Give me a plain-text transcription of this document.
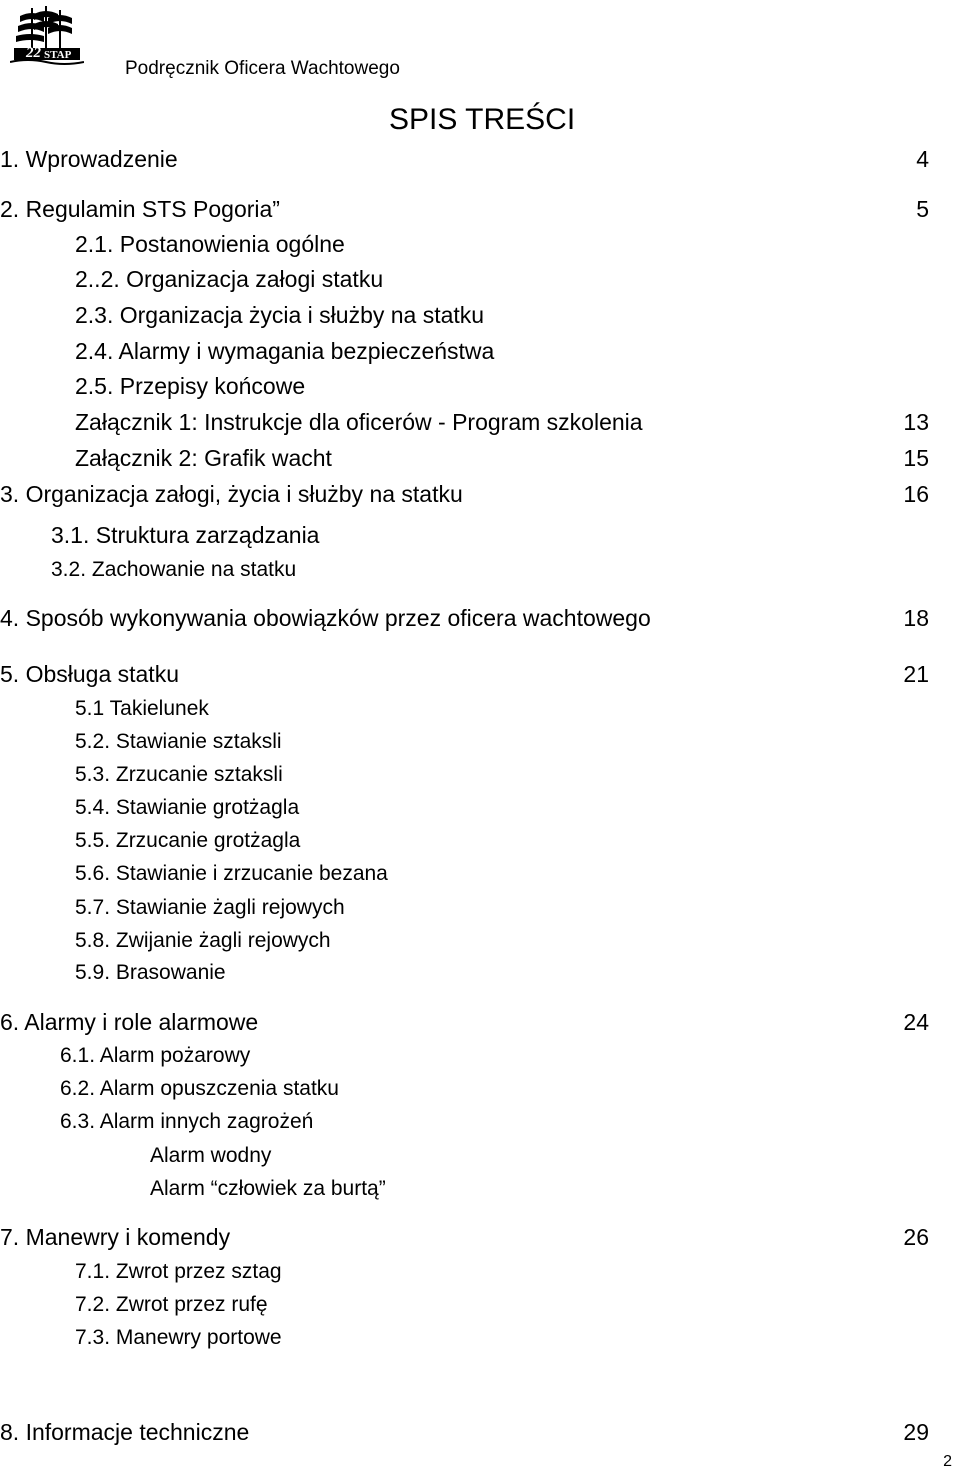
22 STAP
Podręcznik Oficera Wachtowego
SPIS TREŚCI
1. Wprowadzenie	4
2. Regulamin STS Pogoria”	5
2.1. Postanowienia ogólne
2..2. Organizacja załogi statku
2.3. Organizacja życia i służby na statku
2.4. Alarmy i wymagania bezpieczeństwa
2.5. Przepisy końcowe
Załącznik 1: Instrukcje dla oficerów - Program szkolenia	13
Załącznik 2: Grafik wacht	15
3. Organizacja załogi, życia i służby na statku	16
3.1. Struktura zarządzania
3.2. Zachowanie na statku
4. Sposób wykonywania obowiązków przez oficera wachtowego	18
5. Obsługa statku	21
5.1 Takielunek
5.2. Stawianie sztaksli
5.3. Zrzucanie sztaksli
5.4. Stawianie grotżagla
5.5. Zrzucanie grotżagla
5.6. Stawianie i zrzucanie bezana
5.7. Stawianie żagli rejowych
5.8. Zwijanie żagli rejowych
5.9. Brasowanie
6. Alarmy i role alarmowe	24
6.1. Alarm pożarowy
6.2. Alarm opuszczenia statku
6.3. Alarm innych zagrożeń
Alarm wodny
Alarm “człowiek za burtą”
7. Manewry i komendy	26
7.1. Zwrot przez sztag
7.2. Zwrot przez rufę
7.3. Manewry portowe
8. Informacje techniczne	29
2
